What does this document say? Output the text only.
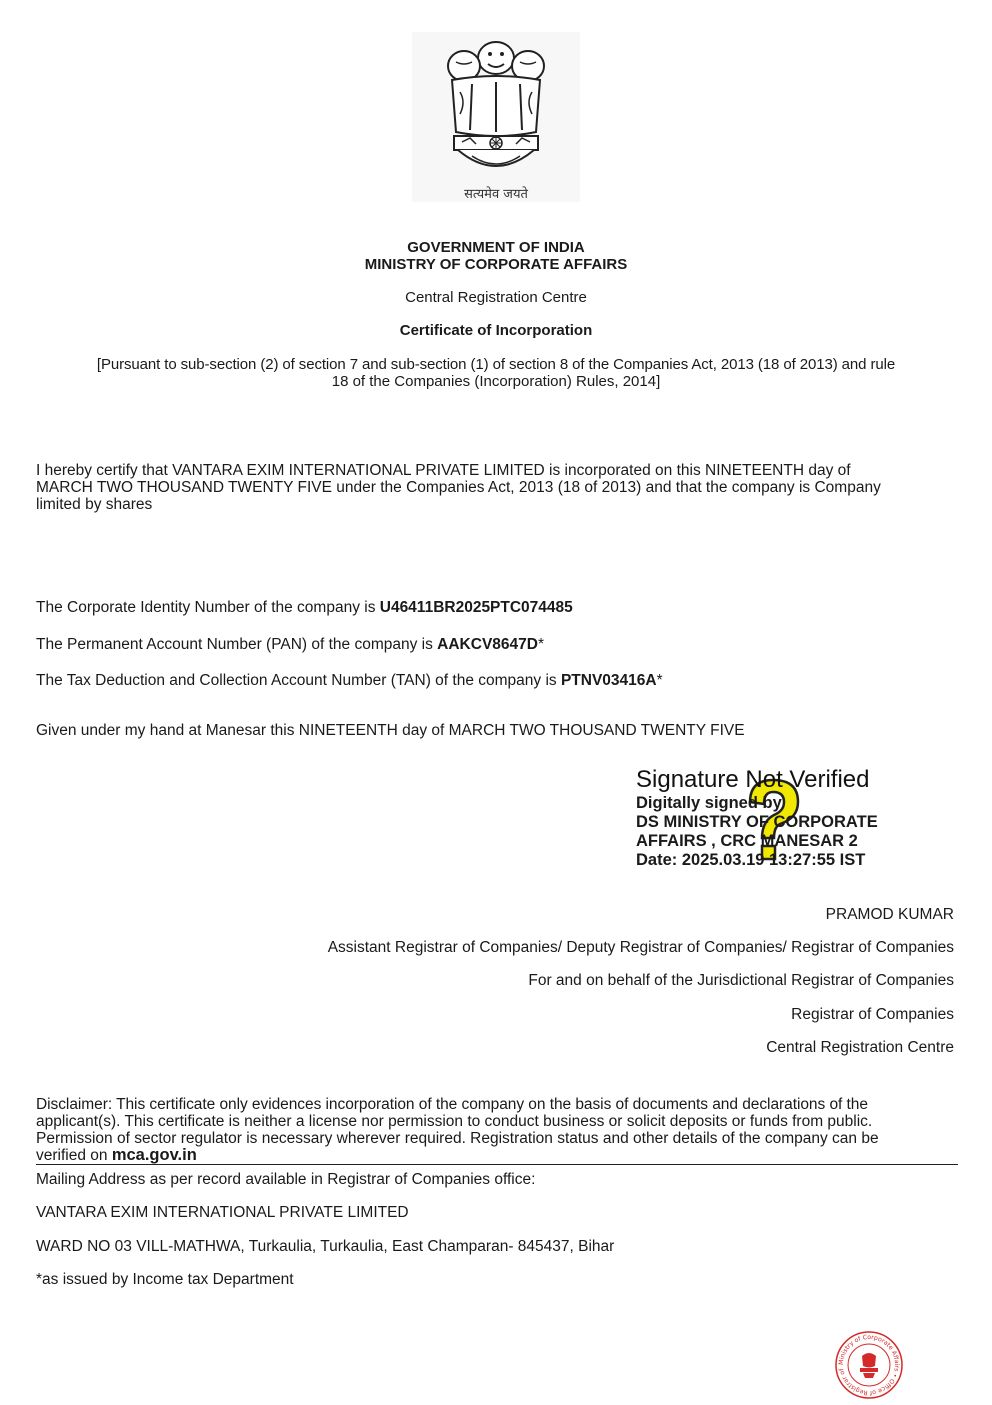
सत्यमेव जयते
GOVERNMENT OF INDIA
MINISTRY OF CORPORATE AFFAIRS
Central Registration Centre
Certificate of Incorporation
[Pursuant to sub-section (2) of section 7 and sub-section (1) of section 8 of the Companies Act, 2013 (18 of 2013) and rule
18 of the Companies (Incorporation) Rules, 2014]
I hereby certify that VANTARA EXIM INTERNATIONAL PRIVATE LIMITED is incorporated on this NINETEENTH day of
MARCH TWO THOUSAND TWENTY FIVE under the Companies Act, 2013 (18 of 2013) and that the company is Company
limited by shares
The Corporate Identity Number of the company is U46411BR2025PTC074485
The Permanent Account Number (PAN) of the company is AAKCV8647D*
The Tax Deduction and Collection Account Number (TAN) of the company is PTNV03416A*
Given under my hand at Manesar this NINETEENTH day of MARCH TWO THOUSAND TWENTY FIVE
Signature Not Verified
Digitally signed by
DS MINISTRY OF CORPORATE
AFFAIRS , CRC MANESAR 2
Date: 2025.03.19 13:27:55 IST
PRAMOD KUMAR
Assistant Registrar of Companies/ Deputy Registrar of Companies/ Registrar of Companies
For and on behalf of the Jurisdictional Registrar of Companies
Registrar of Companies
Central Registration Centre
Disclaimer: This certificate only evidences incorporation of the company on the basis of documents and declarations of the
applicant(s). This certificate is neither a license nor permission to conduct business or solicit deposits or funds from public.
Permission of sector regulator is necessary wherever required. Registration status and other details of the company can be
verified on mca.gov.in
Mailing Address as per record available in Registrar of Companies office:
VANTARA EXIM INTERNATIONAL PRIVATE LIMITED
WARD NO 03 VILL-MATHWA, Turkaulia, Turkaulia, East Champaran- 845437, Bihar
*as issued by Income tax Department
Ministry of Corporate Affairs • Office of Registrar of
